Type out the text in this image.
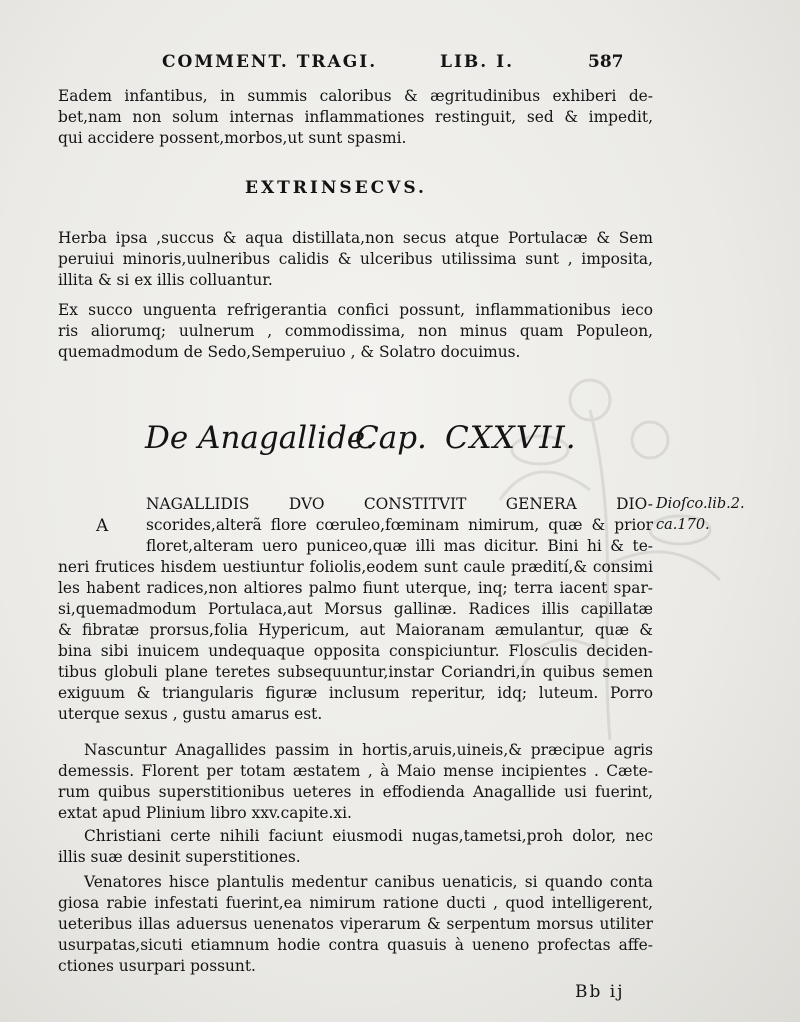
COMMENT. TRAGI.	LIB. I.	587
Eadem infantibus, in summis caloribus & ægritudinibus exhiberi de-
bet,nam non solum internas inflammationes restinguit, sed & impedit,
qui accidere possent,morbos,ut sunt spasmi.
EXTRINSECVS.
Herba ipsa ,succus & aqua distillata,non secus atque Portulacæ & Sem
peruiui minoris,uulneribus calidis & ulceribus utilissima sunt , imposita,
illita & si ex illis colluantur.
Ex succo unguenta refrigerantia confici possunt, inflammationibus ieco
ris aliorumq; uulnerum , commodissima, non minus quam Populeon,
quemadmodum de Sedo,Semperuiuo , & Solatro docuimus.
De Anagallide.
Cap. CXXVII.
A
Dioſco.lib.2.
ca.170.
NAGALLIDIS DVO CONSTITVIT GENERA DIO-
scorides,alterã flore cœruleo,fœminam nimirum, quæ & prior
floret,alteram uero puniceo,quæ illi mas dicitur. Bini hi & te-
neri frutices hisdem uestiuntur foliolis,eodem sunt caule prædití,& consimi
les habent radices,non altiores palmo fiunt uterque, inq; terra iacent spar-
si,quemadmodum Portulaca,aut Morsus gallinæ. Radices illis capillatæ
& fibratæ prorsus,folia Hypericum, aut Maioranam æmulantur, quæ &
bina sibi inuicem undequaque opposita conspiciuntur. Flosculis deciden-
tibus globuli plane teretes subsequuntur,instar Coriandri,in quibus semen
exiguum & triangularis figuræ inclusum reperitur, idq; luteum. Porro
uterque sexus , gustu amarus est.
Nascuntur Anagallides passim in hortis,aruis,uineis,& præcipue agris
demessis. Florent per totam æstatem , à Maio mense incipientes . Cæte-
rum quibus superstitionibus ueteres in effodienda Anagallide usi fuerint,
extat apud Plinium libro xxv.capite.xi.
Christiani certe nihili faciunt eiusmodi nugas,tametsi,proh dolor, nec
illis suæ desinit superstitiones.
Venatores hisce plantulis medentur canibus uenaticis, si quando conta
giosa rabie infestati fuerint,ea nimirum ratione ducti , quod intelligerent,
ueteribus illas aduersus uenenatos viperarum & serpentum morsus utiliter
usurpatas,sicuti etiamnum hodie contra quasuis à ueneno profectas affe-
ctiones usurpari possunt.
Bb ij
